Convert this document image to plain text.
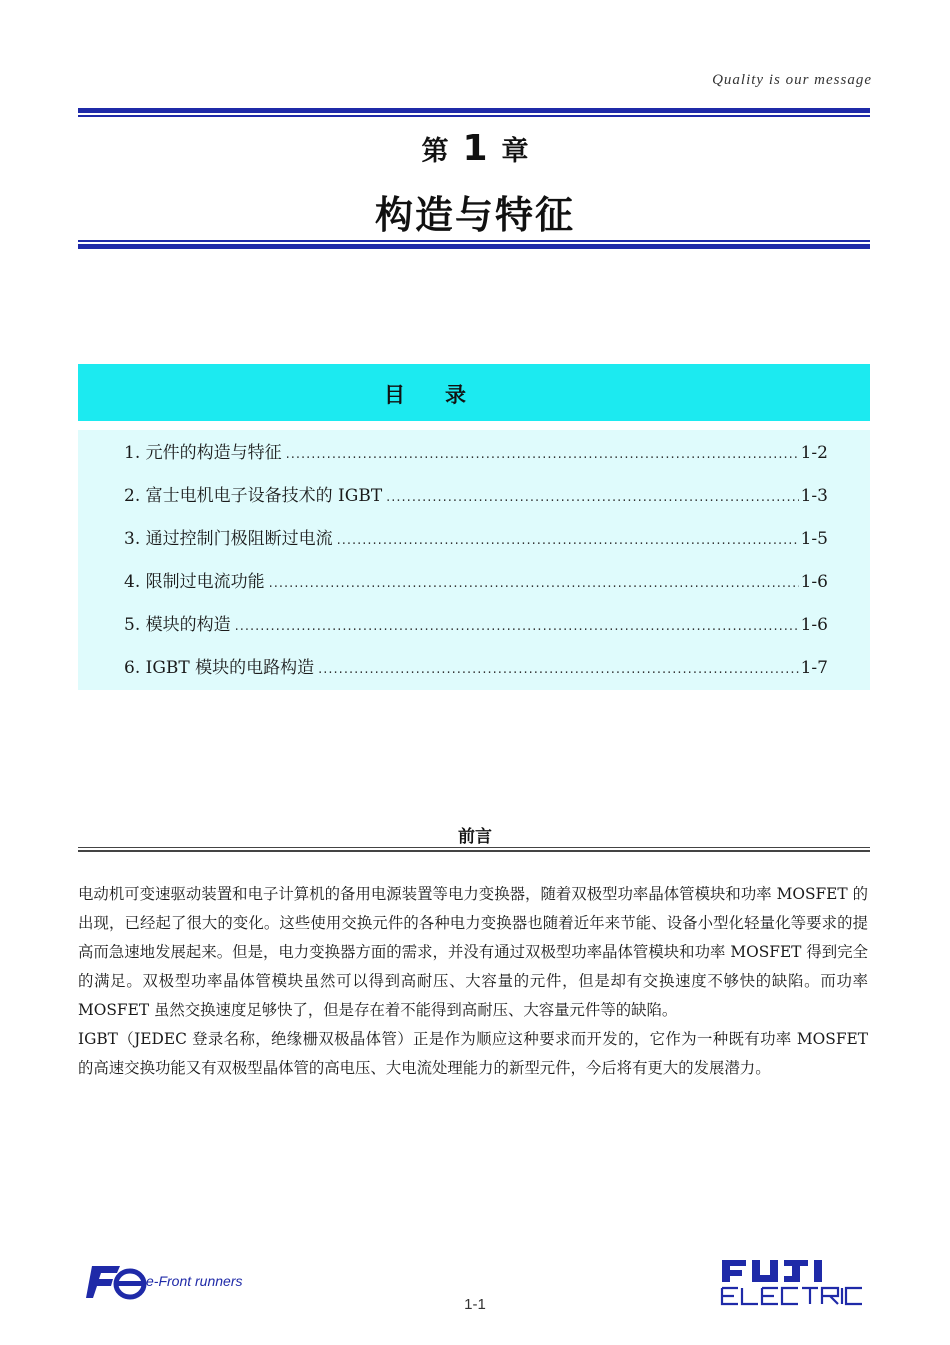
Quality is our message
第 1 章
构造与特征
目录
1. 元件的构造与特征 .....	1-2
2. 富士电机电子设备技术的 IGBT .....	1-3
3. 通过控制门极阻断过电流 .....	1-5
4. 限制过电流功能 .....	1-6
5. 模块的构造 .....	1-6
6. IGBT 模块的电路构造 .....	1-7
前言

电动机可变速驱动装置和电子计算机的备用电源装置等电力变换器，随着双极型功率晶体管模块和功率 MOSFET 的出现，已经起了很大的变化。这些使用交换元件的各种电力变换器也随着近年来节能、设备小型化轻量化等要求的提高而急速地发展起来。但是，电力变换器方面的需求，并没有通过双极型功率晶体管模块和功率 MOSFET 得到完全的满足。双极型功率晶体管模块虽然可以得到高耐压、大容量的元件，但是却有交换速度不够快的缺陷。而功率 MOSFET 虽然交换速度足够快了，但是存在着不能得到高耐压、大容量元件等的缺陷。

IGBT（JEDEC 登录名称，绝缘栅双极晶体管）正是作为顺应这种要求而开发的，它作为一种既有功率 MOSFET 的高速交换功能又有双极型晶体管的高电压、大电流处理能力的新型元件，今后将有更大的发展潜力。

e-Front runners
1-1
